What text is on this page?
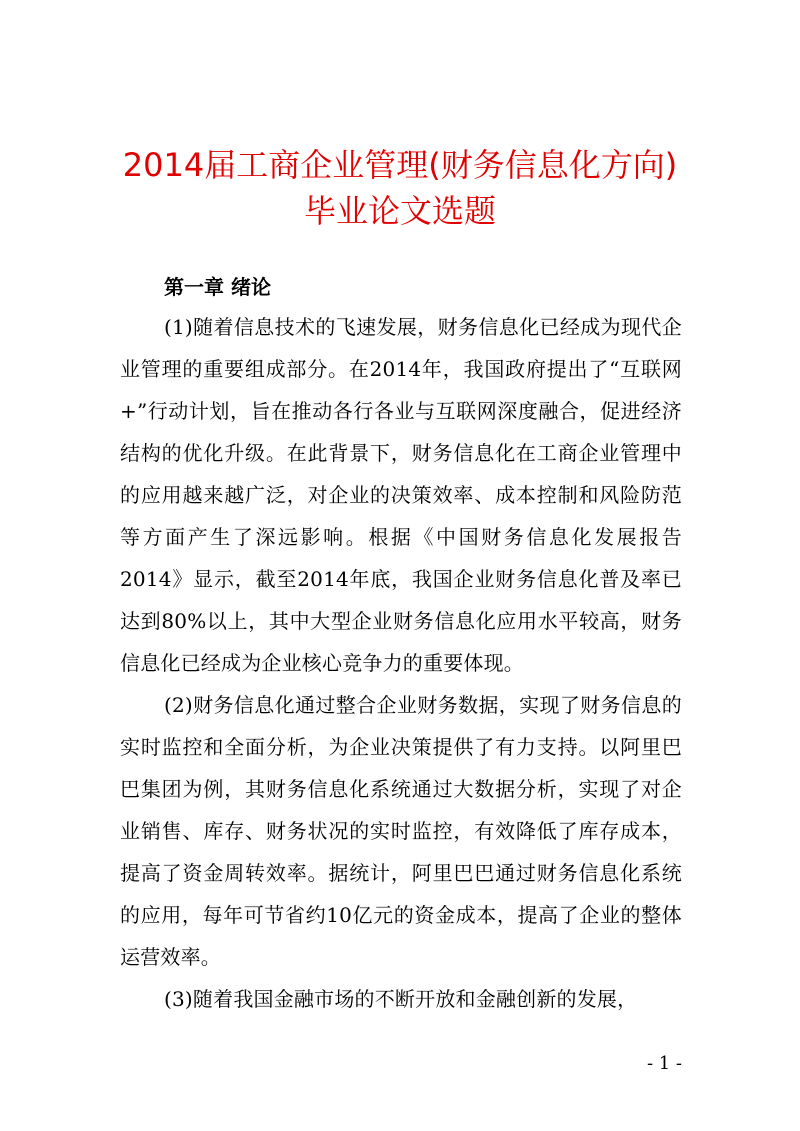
2014届工商企业管理(财务信息化方向)毕业论文选题
第一章 绪论

(1)随着信息技术的飞速发展，财务信息化已经成为现代企业管理的重要组成部分。在2014年，我国政府提出了“互联网+”行动计划，旨在推动各行各业与互联网深度融合，促进经济结构的优化升级。在此背景下，财务信息化在工商企业管理中的应用越来越广泛，对企业的决策效率、成本控制和风险防范等方面产生了深远影响。根据《中国财务信息化发展报告2014》显示，截至2014年底，我国企业财务信息化普及率已达到80%以上，其中大型企业财务信息化应用水平较高，财务信息化已经成为企业核心竞争力的重要体现。

(2)财务信息化通过整合企业财务数据，实现了财务信息的实时监控和全面分析，为企业决策提供了有力支持。以阿里巴巴集团为例，其财务信息化系统通过大数据分析，实现了对企业销售、库存、财务状况的实时监控，有效降低了库存成本，提高了资金周转效率。据统计，阿里巴巴通过财务信息化系统的应用，每年可节省约10亿元的资金成本，提高了企业的整体运营效率。

(3)随着我国金融市场的不断开放和金融创新的发展，

- 1 -
